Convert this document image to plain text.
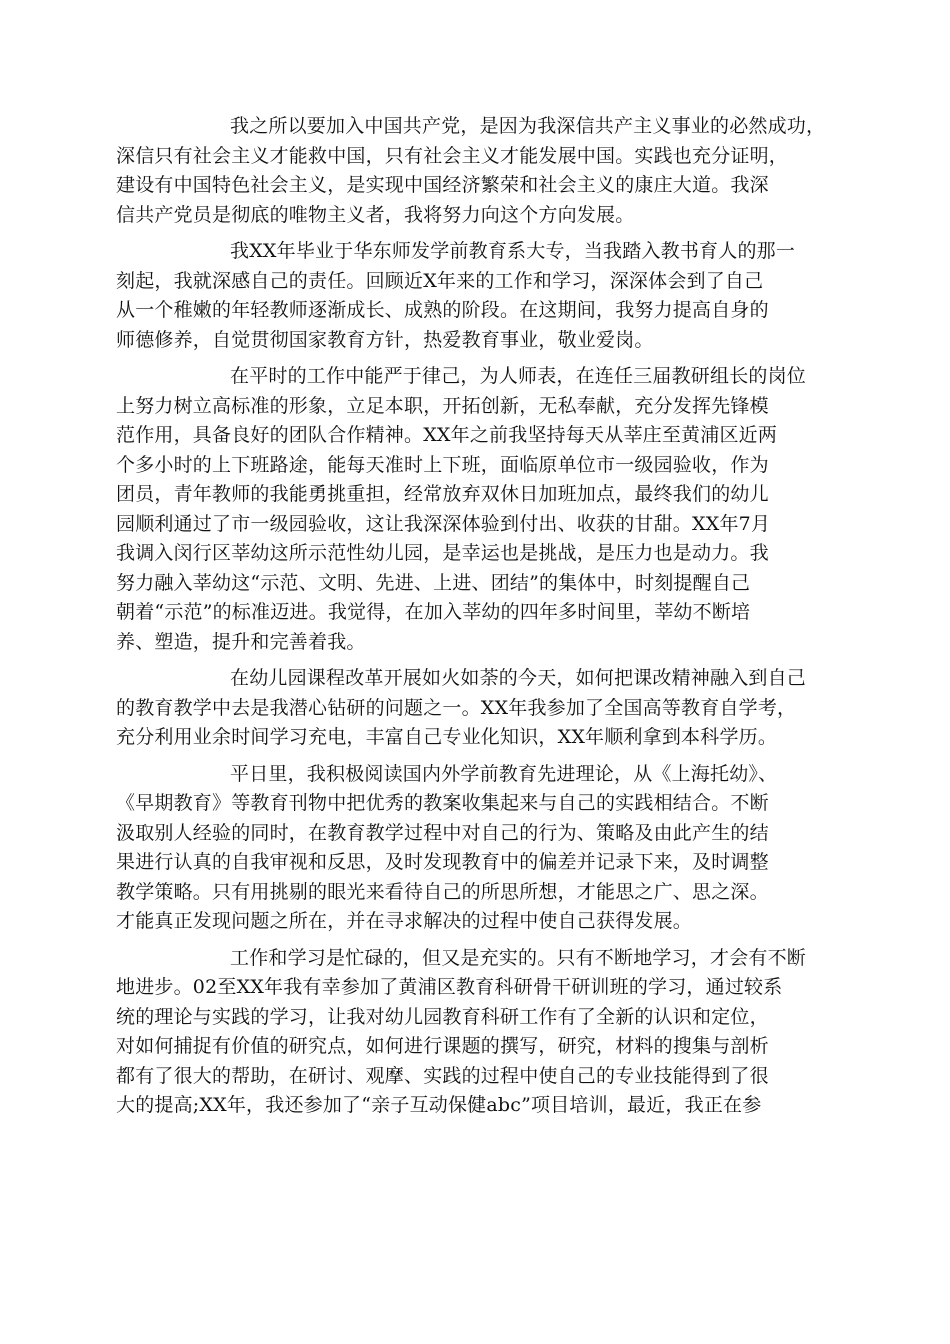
我之所以要加入中国共产党，是因为我深信共产主义事业的必然成功，
深信只有社会主义才能救中国，只有社会主义才能发展中国。实践也充分证明，
建设有中国特色社会主义，是实现中国经济繁荣和社会主义的康庄大道。我深
信共产党员是彻底的唯物主义者，我将努力向这个方向发展。
我XX年毕业于华东师发学前教育系大专，当我踏入教书育人的那一
刻起，我就深感自己的责任。回顾近X年来的工作和学习，深深体会到了自己
从一个稚嫩的年轻教师逐渐成长、成熟的阶段。在这期间，我努力提高自身的
师德修养，自觉贯彻国家教育方针，热爱教育事业，敬业爱岗。
在平时的工作中能严于律己，为人师表，在连任三届教研组长的岗位
上努力树立高标准的形象，立足本职，开拓创新，无私奉献，充分发挥先锋模
范作用，具备良好的团队合作精神。XX年之前我坚持每天从莘庄至黄浦区近两
个多小时的上下班路途，能每天准时上下班，面临原单位市一级园验收，作为
团员，青年教师的我能勇挑重担，经常放弃双休日加班加点，最终我们的幼儿
园顺利通过了市一级园验收，这让我深深体验到付出、收获的甘甜。XX年7月
我调入闵行区莘幼这所示范性幼儿园，是幸运也是挑战，是压力也是动力。我
努力融入莘幼这“示范、文明、先进、上进、团结”的集体中，时刻提醒自己
朝着“示范”的标准迈进。我觉得，在加入莘幼的四年多时间里，莘幼不断培
养、塑造，提升和完善着我。
在幼儿园课程改革开展如火如荼的今天，如何把课改精神融入到自己
的教育教学中去是我潜心钻研的问题之一。XX年我参加了全国高等教育自学考，
充分利用业余时间学习充电，丰富自己专业化知识，XX年顺利拿到本科学历。
平日里，我积极阅读国内外学前教育先进理论，从《上海托幼》、
《早期教育》等教育刊物中把优秀的教案收集起来与自己的实践相结合。不断
汲取别人经验的同时，在教育教学过程中对自己的行为、策略及由此产生的结
果进行认真的自我审视和反思，及时发现教育中的偏差并记录下来，及时调整
教学策略。只有用挑剔的眼光来看待自己的所思所想，才能思之广、思之深。
才能真正发现问题之所在，并在寻求解决的过程中使自己获得发展。
工作和学习是忙碌的，但又是充实的。只有不断地学习，才会有不断
地进步。02至XX年我有幸参加了黄浦区教育科研骨干研训班的学习，通过较系
统的理论与实践的学习，让我对幼儿园教育科研工作有了全新的认识和定位，
对如何捕捉有价值的研究点，如何进行课题的撰写，研究，材料的搜集与剖析
都有了很大的帮助，在研讨、观摩、实践的过程中使自己的专业技能得到了很
大的提高;XX年，我还参加了“亲子互动保健abc”项目培训，最近，我正在参
